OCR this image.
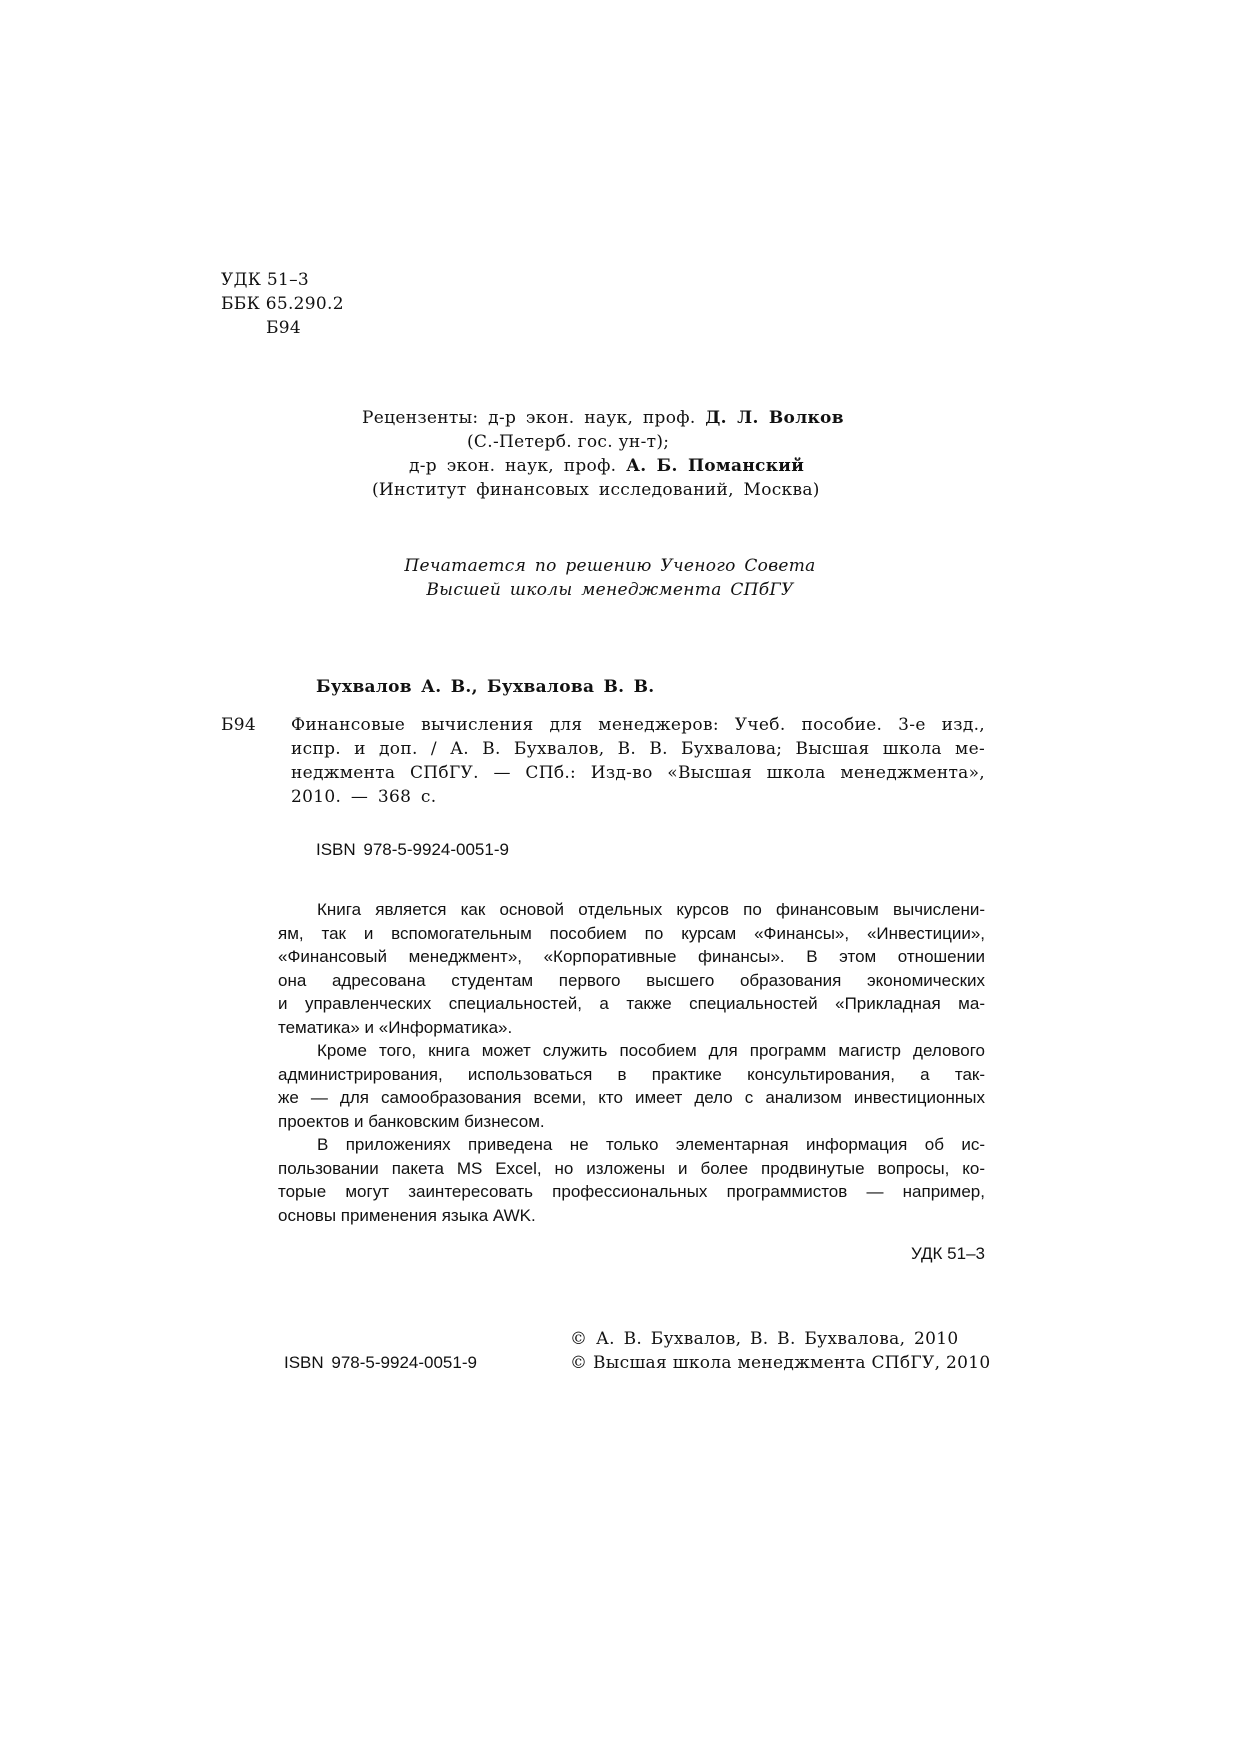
УДК 51–3
ББК 65.290.2
Б94
Рецензенты: д-р экон. наук, проф. Д. Л. Волков
(С.-Петерб. гос. ун-т);
д-р экон. наук, проф. А. Б. Поманский
(Институт финансовых исследований, Москва)
Печатается по решению Ученого Совета
Высшей школы менеджмента СПбГУ
Бухвалов А. В., Бухвалова В. В.
Б94 Финансовые вычисления для менеджеров: Учеб. пособие. 3-е изд.,
испр. и доп. / А. В. Бухвалов, В. В. Бухвалова; Высшая школа ме-
неджмента СПбГУ. — СПб.: Изд-во «Высшая школа менеджмента»,
2010. — 368 с.
ISBN 978-5-9924-0051-9
Книга является как основой отдельных курсов по финансовым вычислени-
ям, так и вспомогательным пособием по курсам «Финансы», «Инвестиции»,
«Финансовый менеджмент», «Корпоративные финансы». В этом отношении
она адресована студентам первого высшего образования экономических
и управленческих специальностей, а также специальностей «Прикладная ма-
тематика» и «Информатика».
Кроме того, книга может служить пособием для программ магистр делового
администрирования, использоваться в практике консультирования, а так-
же — для самообразования всеми, кто имеет дело с анализом инвестиционных
проектов и банковским бизнесом.
В приложениях приведена не только элементарная информация об ис-
пользовании пакета MS Excel, но изложены и более продвинутые вопросы, ко-
торые могут заинтересовать профессиональных программистов — например,
основы применения языка AWK.
УДК 51–3
ISBN 978-5-9924-0051-9
© А. В. Бухвалов, В. В. Бухвалова, 2010
© Высшая школа менеджмента СПбГУ, 2010
